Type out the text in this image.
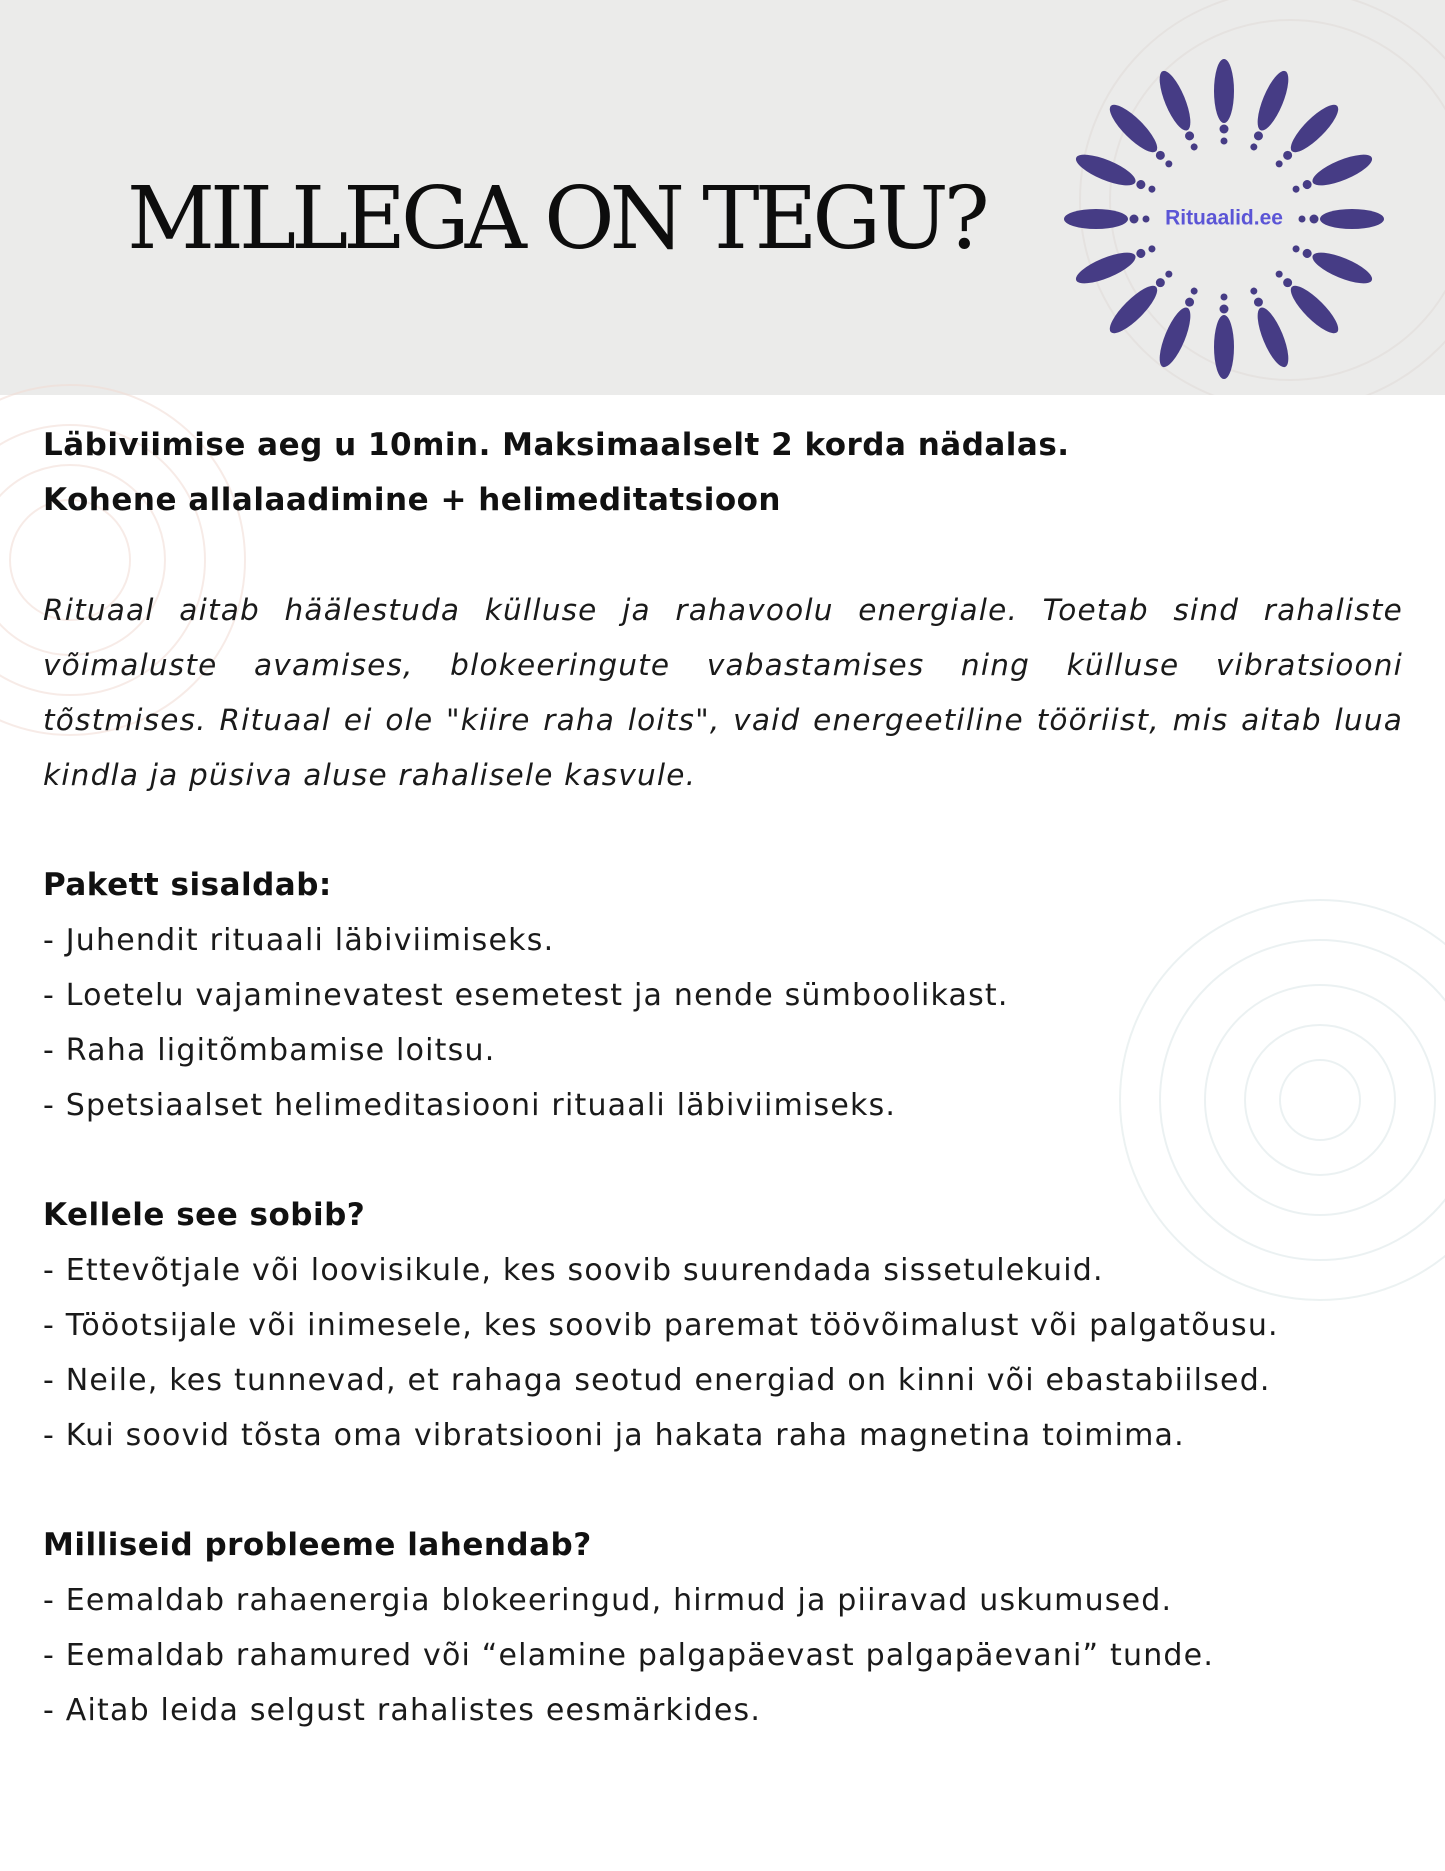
MILLEGA ON TEGU?	Rituaalid.ee
Läbiviimise aeg u 10min. Maksimaalselt 2 korda nädalas.
Kohene allalaadimine + helimeditatsioon
Rituaal aitab häälestuda külluse ja rahavoolu energiale. Toetab sind rahaliste võimaluste avamises, blokeeringute vabastamises ning külluse vibratsiooni tõstmises. Rituaal ei ole "kiire raha loits", vaid energeetiline tööriist, mis aitab luua kindla ja püsiva aluse rahalisele kasvule.
Pakett sisaldab:
- Juhendit rituaali läbiviimiseks.
- Loetelu vajaminevatest esemetest ja nende sümboolikast.
- Raha ligitõmbamise loitsu.
- Spetsiaalset helimeditasiooni rituaali läbiviimiseks.
Kellele see sobib?
- Ettevõtjale või loovisikule, kes soovib suurendada sissetulekuid.
- Tööotsijale või inimesele, kes soovib paremat töövõimalust või palgatõusu.
- Neile, kes tunnevad, et rahaga seotud energiad on kinni või ebastabiilsed.
- Kui soovid tõsta oma vibratsiooni ja hakata raha magnetina toimima.
Milliseid probleeme lahendab?
- Eemaldab rahaenergia blokeeringud, hirmud ja piiravad uskumused.
- Eemaldab rahamured või “elamine palgapäevast palgapäevani” tunde.
- Aitab leida selgust rahalistes eesmärkides.
